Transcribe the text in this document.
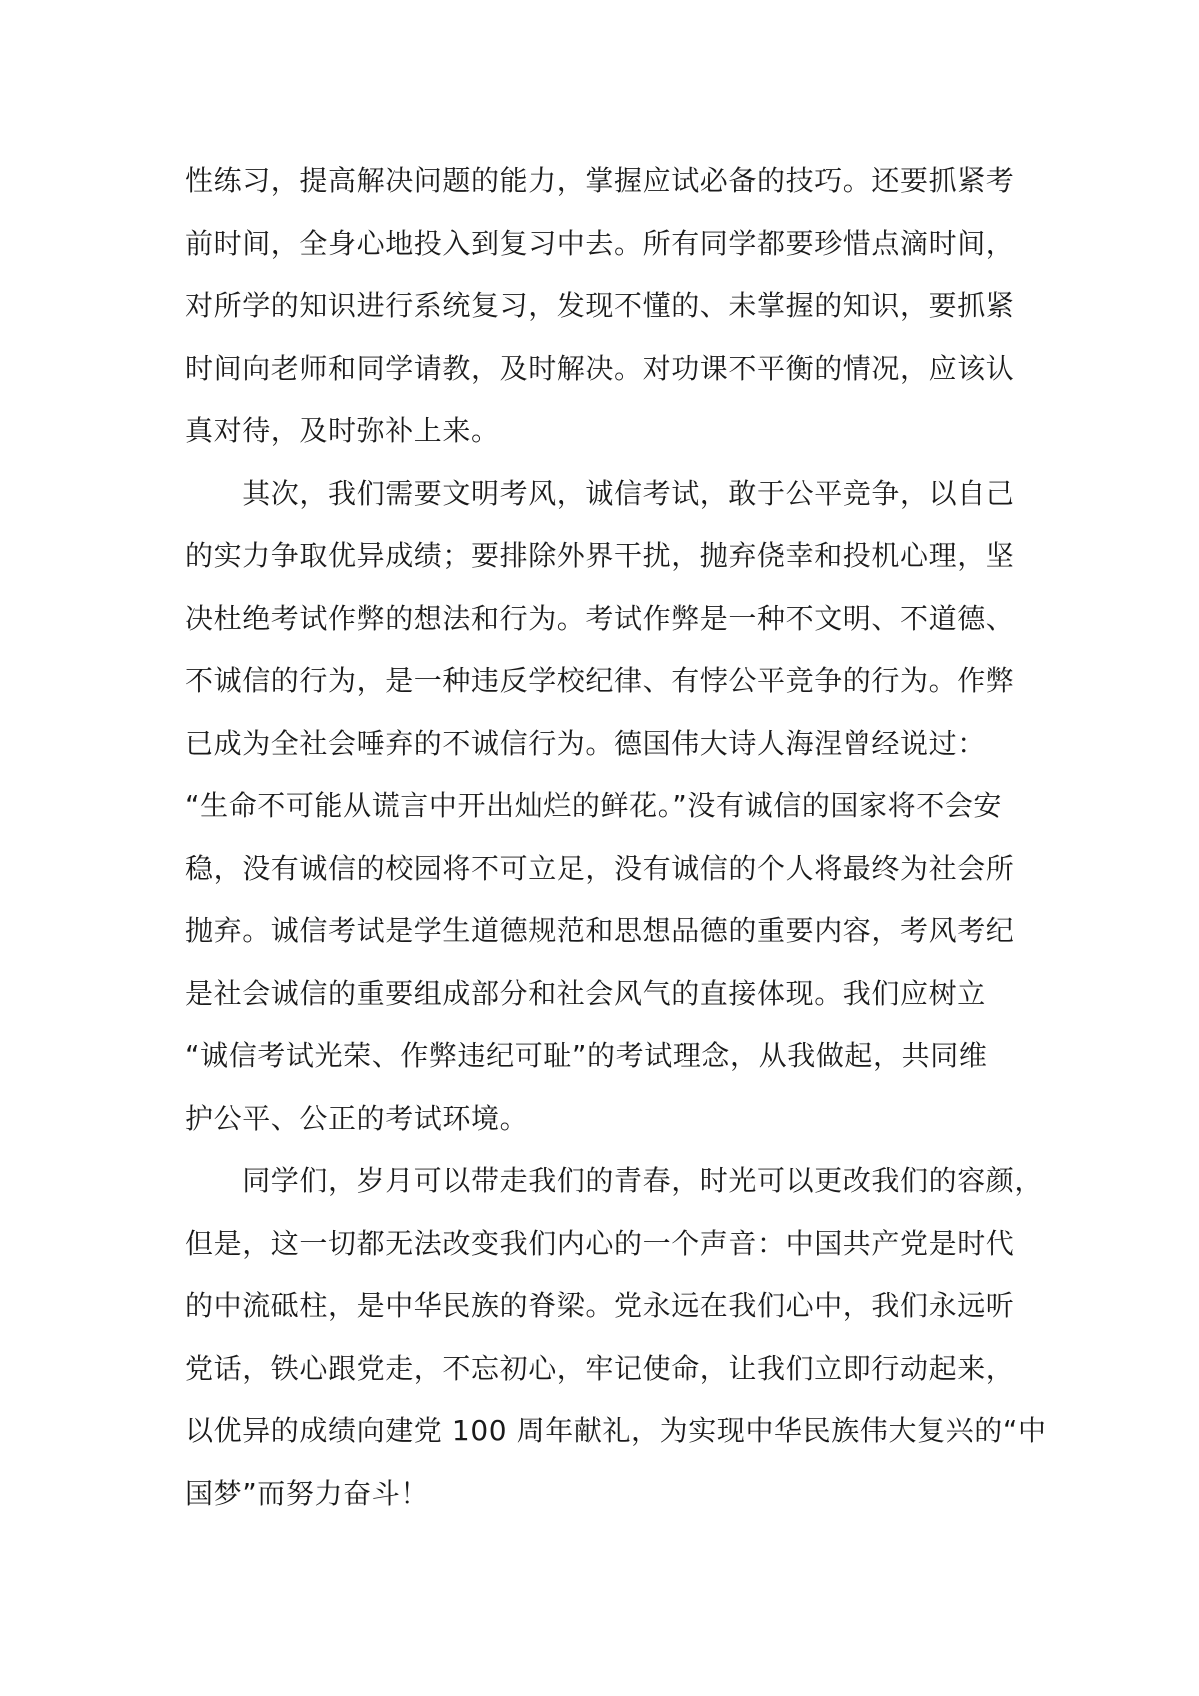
性练习，提高解决问题的能力，掌握应试必备的技巧。还要抓紧考
前时间，全身心地投入到复习中去。所有同学都要珍惜点滴时间，
对所学的知识进行系统复习，发现不懂的、未掌握的知识，要抓紧
时间向老师和同学请教，及时解决。对功课不平衡的情况，应该认
真对待，及时弥补上来。
　　其次，我们需要文明考风，诚信考试，敢于公平竞争，以自己
的实力争取优异成绩；要排除外界干扰，抛弃侥幸和投机心理，坚
决杜绝考试作弊的想法和行为。考试作弊是一种不文明、不道德、
不诚信的行为，是一种违反学校纪律、有悖公平竞争的行为。作弊
已成为全社会唾弃的不诚信行为。德国伟大诗人海涅曾经说过：
“生命不可能从谎言中开出灿烂的鲜花。”没有诚信的国家将不会安
稳，没有诚信的校园将不可立足，没有诚信的个人将最终为社会所
抛弃。诚信考试是学生道德规范和思想品德的重要内容，考风考纪
是社会诚信的重要组成部分和社会风气的直接体现。我们应树立
“诚信考试光荣、作弊违纪可耻”的考试理念，从我做起，共同维
护公平、公正的考试环境。
　　同学们，岁月可以带走我们的青春，时光可以更改我们的容颜，
但是，这一切都无法改变我们内心的一个声音：中国共产党是时代
的中流砥柱，是中华民族的脊梁。党永远在我们心中，我们永远听
党话，铁心跟党走，不忘初心，牢记使命，让我们立即行动起来，
以优异的成绩向建党 100 周年献礼，为实现中华民族伟大复兴的“中
国梦”而努力奋斗！
